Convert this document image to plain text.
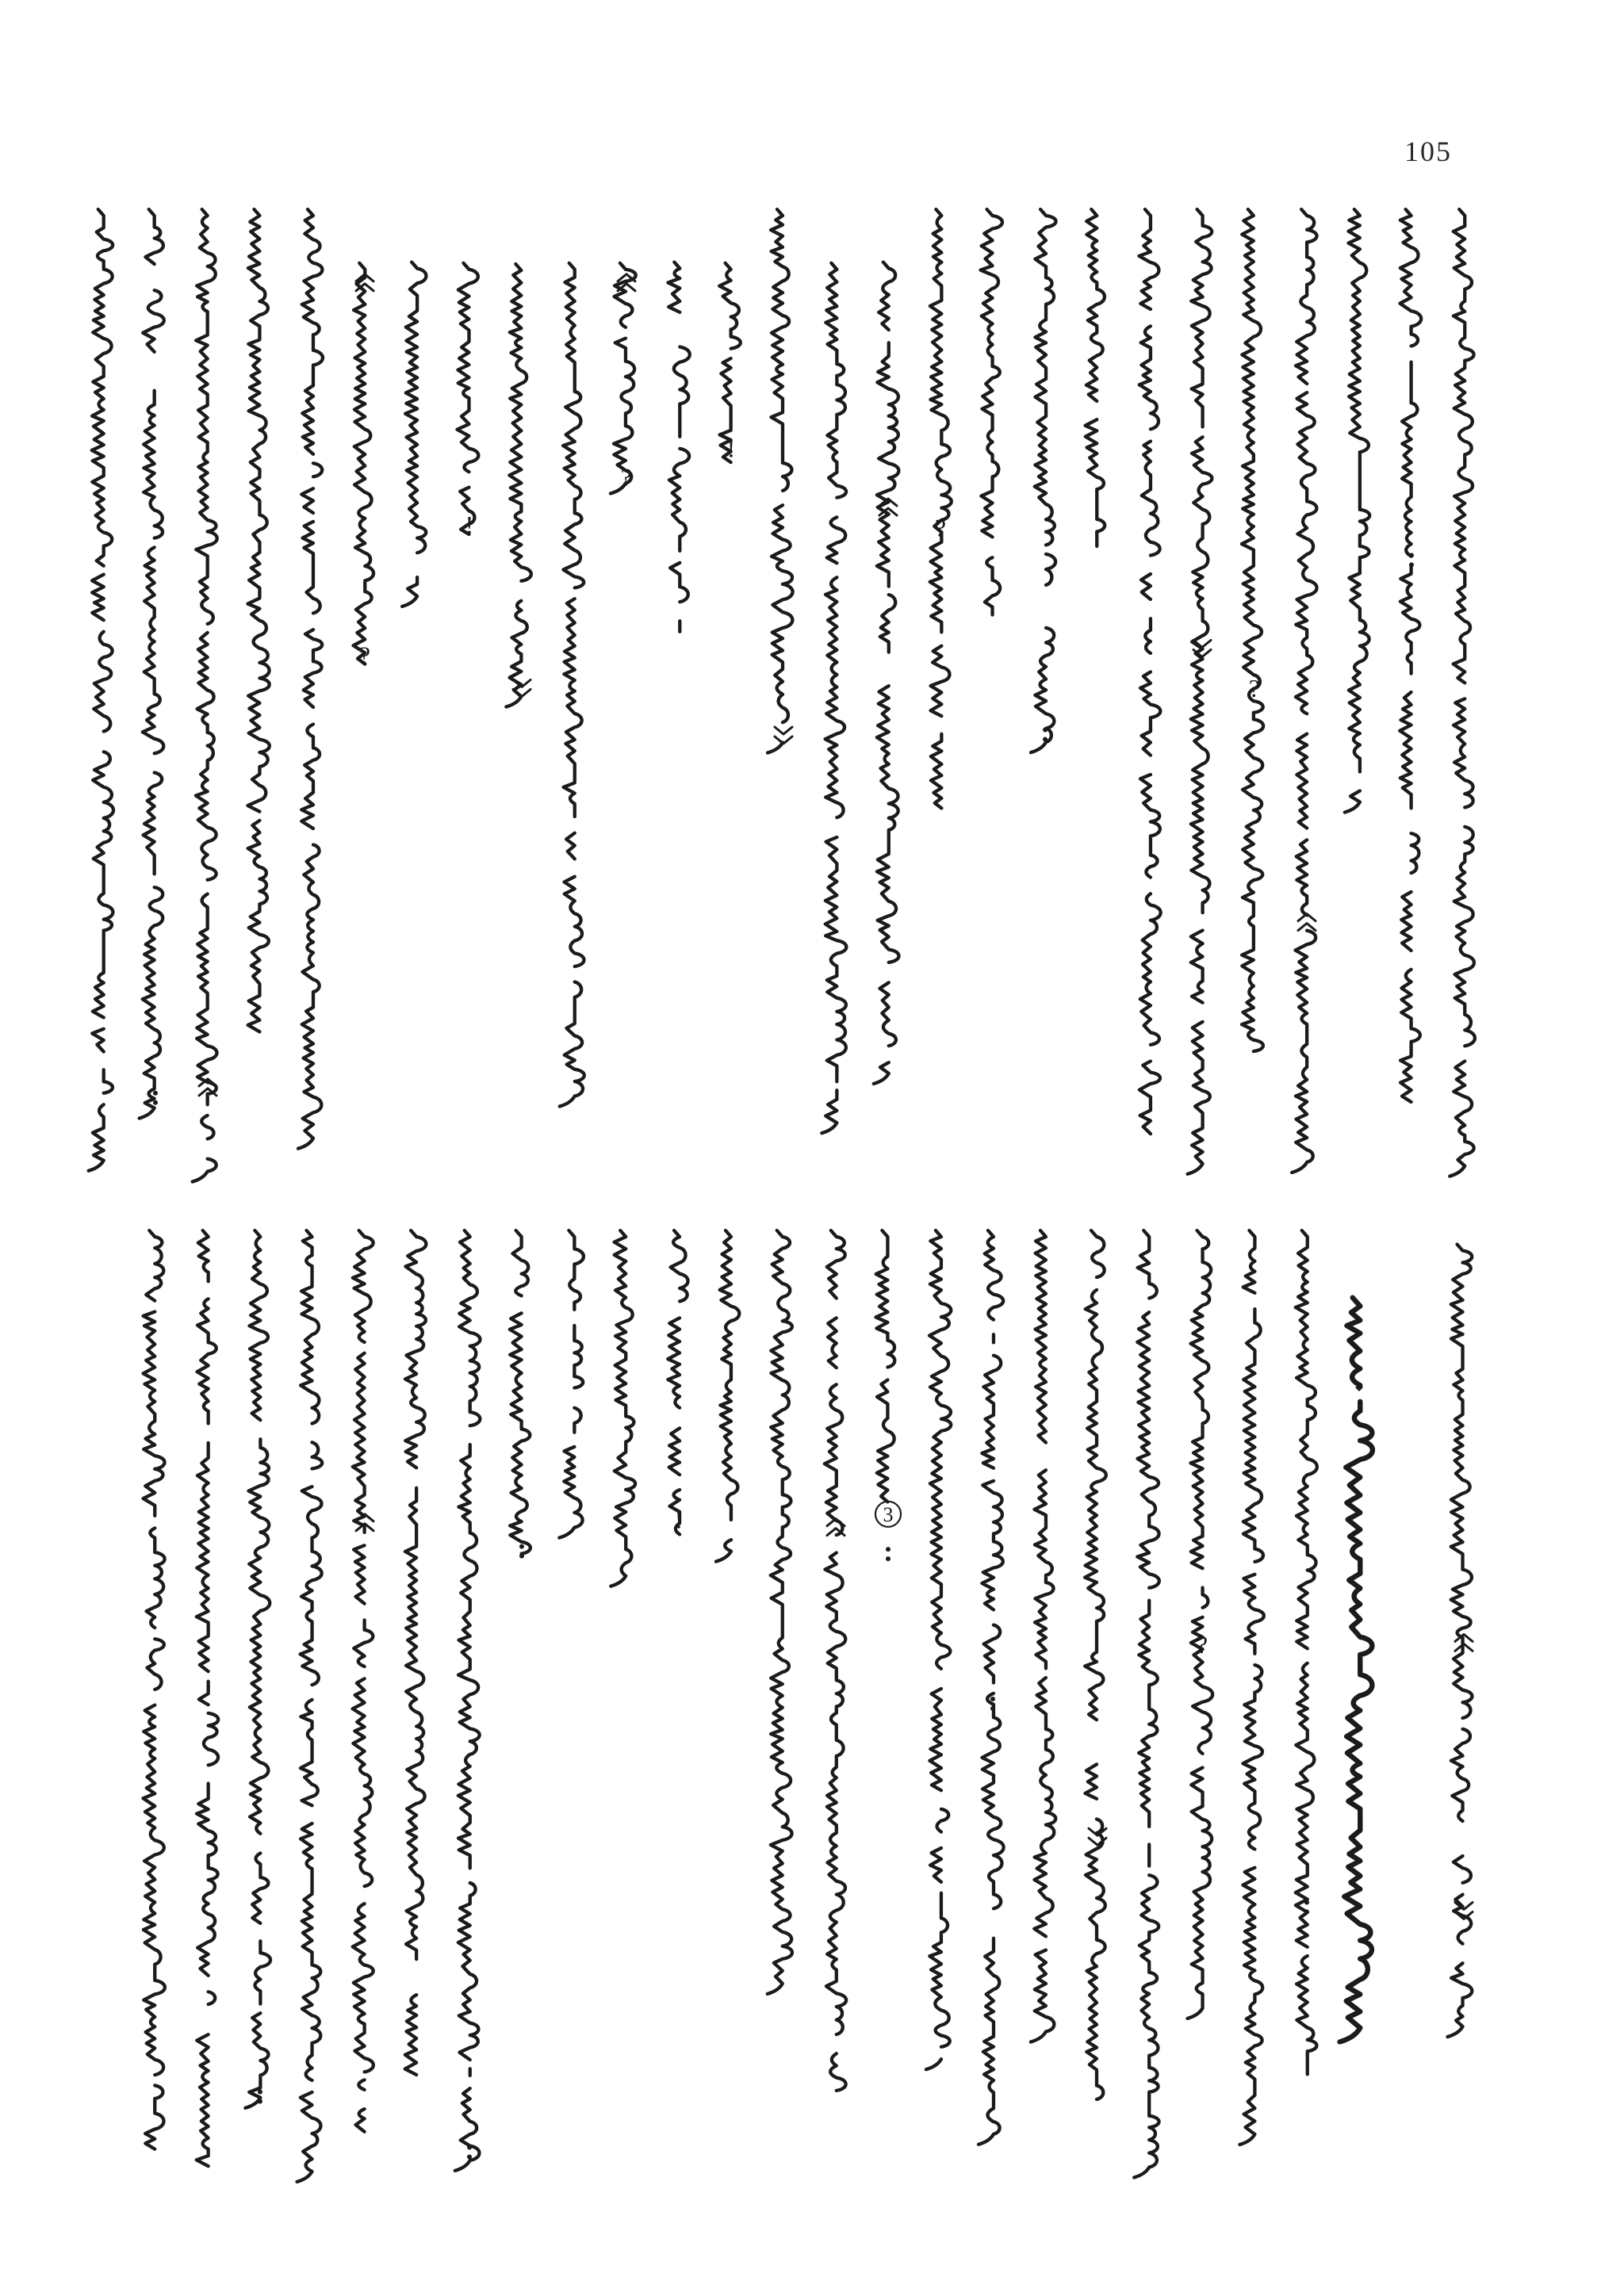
105
?
!
?
!
?
?
!	3
?
